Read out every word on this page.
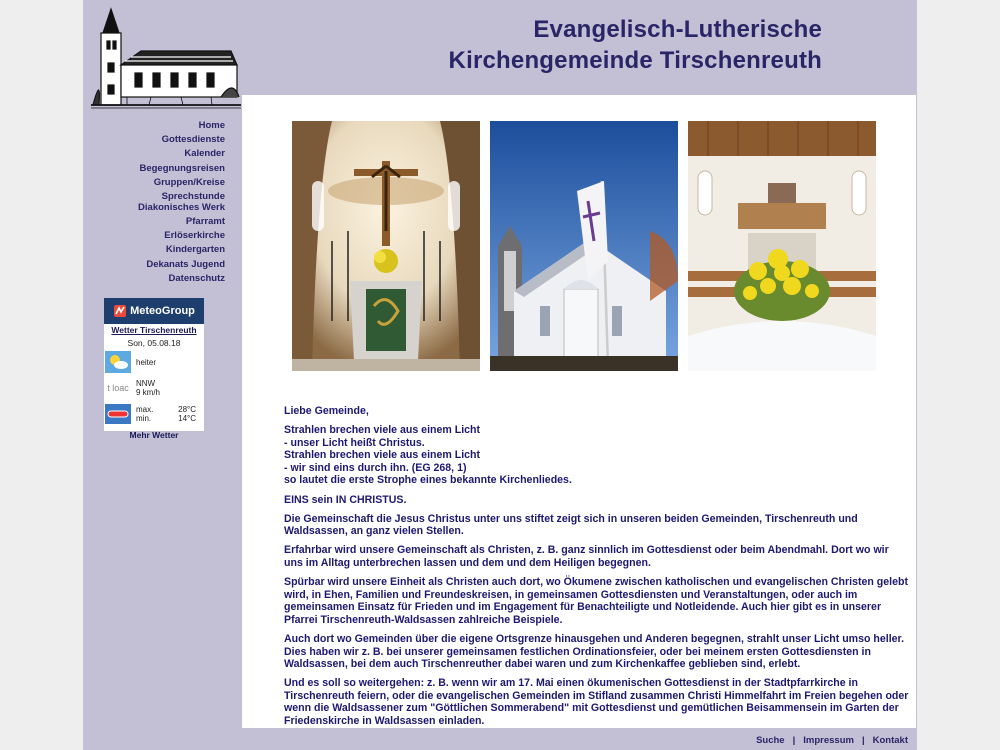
Evangelisch-Lutherische
Kirchengemeinde Tirschenreuth
Home
Gottesdienste
Kalender
Begegnungsreisen
Gruppen/Kreise
Sprechstunde Diakonisches Werk
Pfarramt
Erlöserkirche
Kindergarten
Dekanats Jugend
Datenschutz
MeteoGroup
Wetter Tirschenreuth
Son, 05.08.18
heiter
t loac NNW
9 km/h
max.	28°C
min.	14°C
Mehr Wetter

Liebe Gemeinde,

Strahlen brechen viele aus einem Licht
- unser Licht heißt Christus.
Strahlen brechen viele aus einem Licht
- wir sind eins durch ihn. (EG 268, 1)
so lautet die erste Strophe eines bekannte Kirchenliedes.

EINS sein IN CHRISTUS.

Die Gemeinschaft die Jesus Christus unter uns stiftet zeigt sich in unseren beiden Gemeinden, Tirschenreuth und Waldsassen, an ganz vielen Stellen.

Erfahrbar wird unsere Gemeinschaft als Christen, z. B. ganz sinnlich im Gottesdienst oder beim Abendmahl. Dort wo wir uns im Alltag unterbrechen lassen und dem und dem Heiligen begegnen.

Spürbar wird unsere Einheit als Christen auch dort, wo Ökumene zwischen katholischen und evangelischen Christen gelebt wird, in Ehen, Familien und Freundeskreisen, in gemeinsamen Gottesdiensten und Veranstaltungen, oder auch im gemeinsamen Einsatz für Frieden und im Engagement für Benachteiligte und Notleidende. Auch hier gibt es in unserer Pfarrei Tirschenreuth-Waldsassen zahlreiche Beispiele.

Auch dort wo Gemeinden über die eigene Ortsgrenze hinausgehen und Anderen begegnen, strahlt unser Licht umso heller. Dies haben wir z. B. bei unserer gemeinsamen festlichen Ordinationsfeier, oder bei meinem ersten Gottesdiensten in Waldsassen, bei dem auch Tirschenreuther dabei waren und zum Kirchenkaffee geblieben sind, erlebt.

Und es soll so weitergehen: z. B. wenn wir am 17. Mai einen ökumenischen Gottesdienst in der Stadtpfarrkirche in Tirschenreuth feiern, oder die evangelischen Gemeinden im Stifland zusammen Christi Himmelfahrt im Freien begehen oder wenn die Waldsassener zum "Göttlichen Sommerabend" mit Gottesdienst und gemütlichen Beisammensein im Garten der Friedenskirche in Waldsassen einladen.

Suche | Impressum | Kontakt
